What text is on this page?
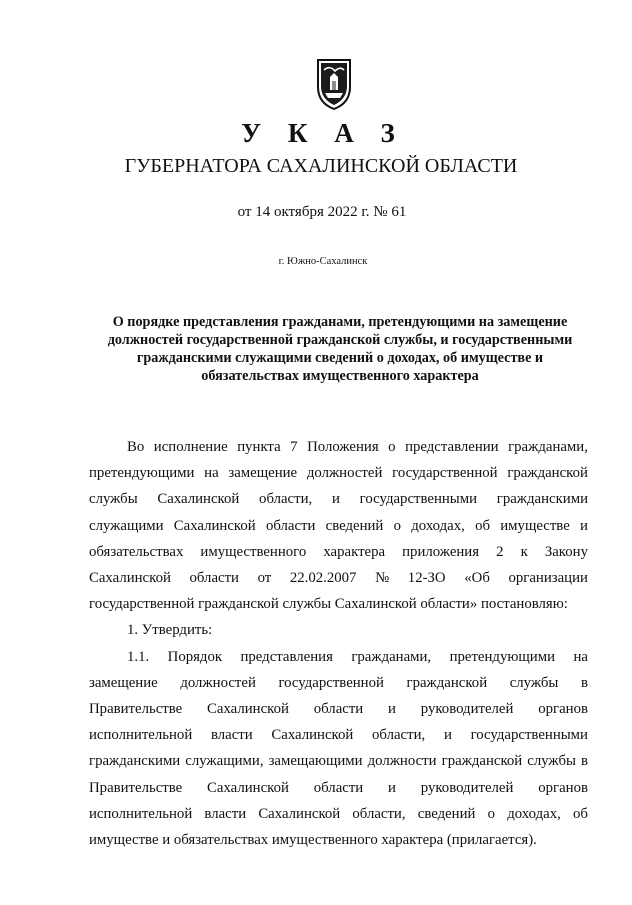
У К А З
ГУБЕРНАТОРА САХАЛИНСКОЙ ОБЛАСТИ
от 14 октября 2022 г. № 61
г. Южно-Сахалинск
О порядке представления гражданами, претендующими на замещение
должностей государственной гражданской службы, и государственными
гражданскими служащими сведений о доходах, об имуществе и
обязательствах имущественного характера
Во исполнение пункта 7 Положения о представлении гражданами,
претендующими на замещение должностей государственной гражданской
службы Сахалинской области, и государственными гражданскими
служащими Сахалинской области сведений о доходах, об имуществе и
обязательствах имущественного характера приложения 2 к Закону
Сахалинской области от 22.02.2007 № 12-ЗО «Об организации
государственной гражданской службы Сахалинской области» постановляю:
1. Утвердить:
1.1. Порядок представления гражданами, претендующими на
замещение должностей государственной гражданской службы в
Правительстве Сахалинской области и руководителей органов
исполнительной власти Сахалинской области, и государственными
гражданскими служащими, замещающими должности гражданской службы в
Правительстве Сахалинской области и руководителей органов
исполнительной власти Сахалинской области, сведений о доходах, об
имуществе и обязательствах имущественного характера (прилагается).
